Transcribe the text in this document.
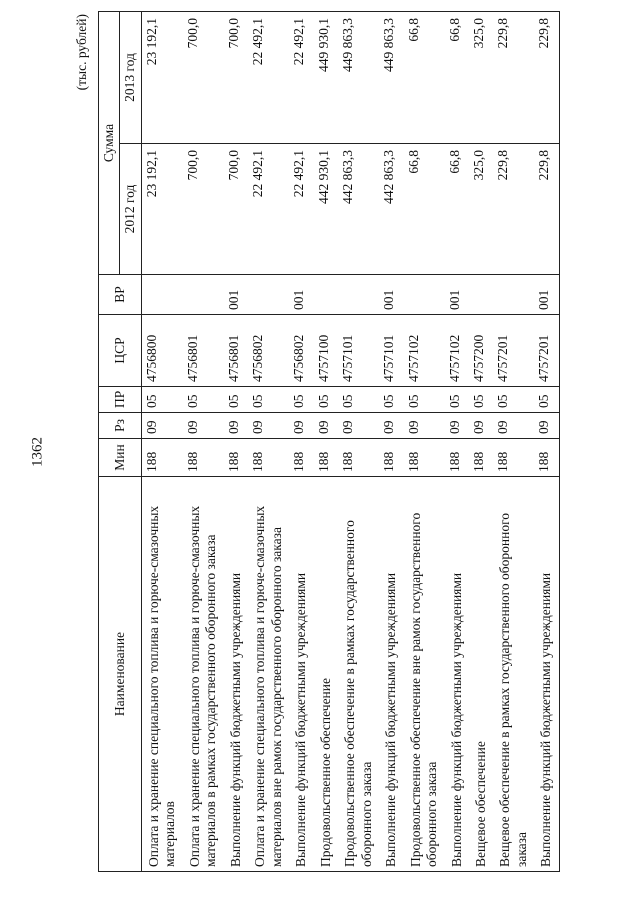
1362
(тыс. рублей)
Наименование	Мин	Рз	ПР	ЦСР	ВР	Сумма	
						2012 год	2013 год
Оплата и хранение специального топлива и горюче-смазочных материалов	188	09	05	4756800		23 192,1	23 192,1
Оплата и хранение специального топлива и горюче-смазочных материалов в рамках государственного оборонного заказа	188	09	05	4756801		700,0	700,0
Выполнение функций бюджетными учреждениями	188	09	05	4756801	001	700,0	700,0
Оплата и хранение специального топлива и горюче-смазочных материалов вне рамок государственного оборонного заказа	188	09	05	4756802		22 492,1	22 492,1
Выполнение функций бюджетными учреждениями	188	09	05	4756802	001	22 492,1	22 492,1
Продовольственное обеспечение	188	09	05	4757100		442 930,1	449 930,1
Продовольственное обеспечение в рамках государственного оборонного заказа	188	09	05	4757101		442 863,3	449 863,3
Выполнение функций бюджетными учреждениями	188	09	05	4757101	001	442 863,3	449 863,3
Продовольственное обеспечение вне рамок государственного оборонного заказа	188	09	05	4757102		66,8	66,8
Выполнение функций бюджетными учреждениями	188	09	05	4757102	001	66,8	66,8
Вещевое обеспечение	188	09	05	4757200		325,0	325,0
Вещевое обеспечение в рамках государственного оборонного заказа	188	09	05	4757201		229,8	229,8
Выполнение функций бюджетными учреждениями	188	09	05	4757201	001	229,8	229,8
